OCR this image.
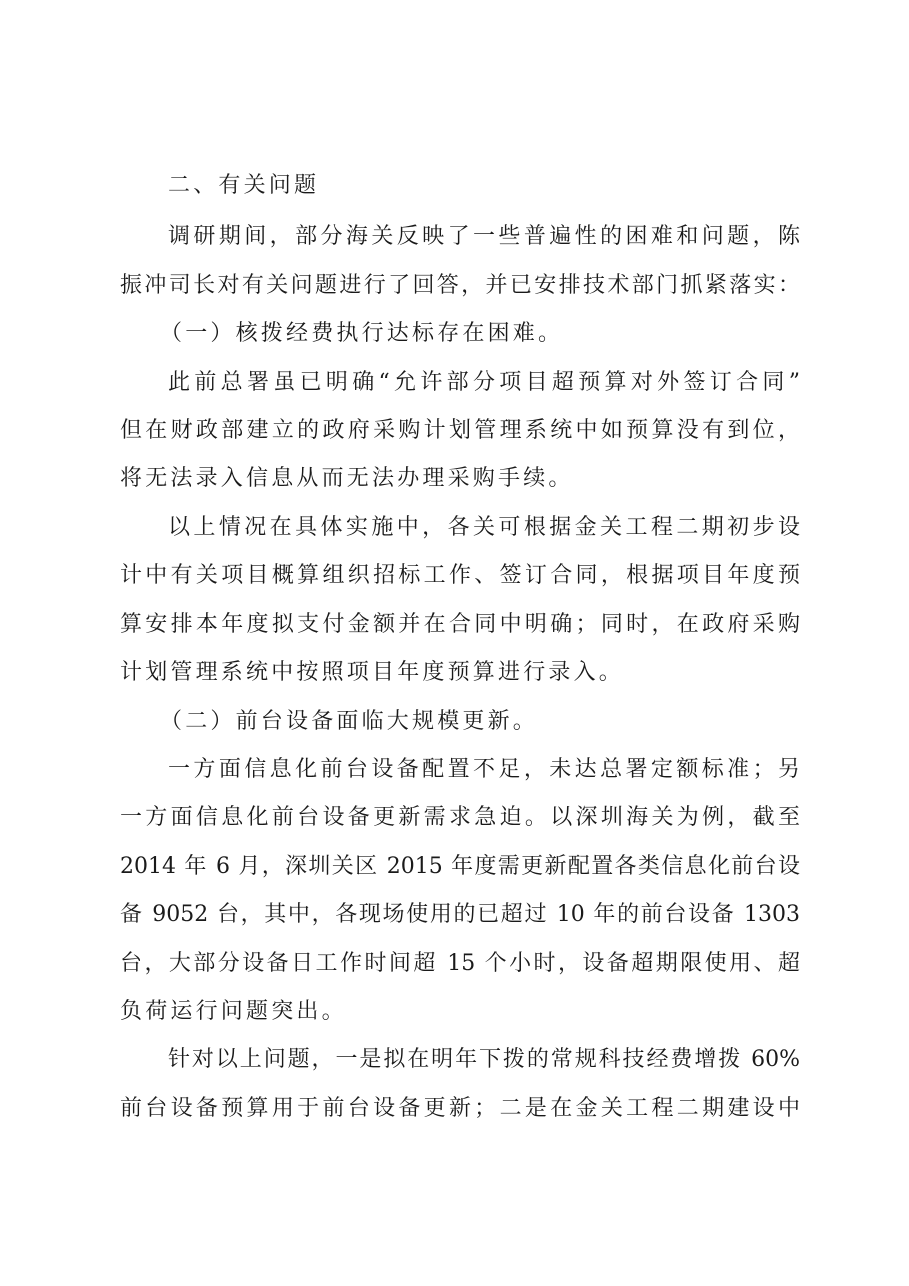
二、有关问题
调研期间，部分海关反映了一些普遍性的困难和问题，陈
振冲司长对有关问题进行了回答，并已安排技术部门抓紧落实：
（一）核拨经费执行达标存在困难。
此前总署虽已明确“允许部分项目超预算对外签订合同”
但在财政部建立的政府采购计划管理系统中如预算没有到位，
将无法录入信息从而无法办理采购手续。
以上情况在具体实施中，各关可根据金关工程二期初步设
计中有关项目概算组织招标工作、签订合同，根据项目年度预
算安排本年度拟支付金额并在合同中明确；同时，在政府采购
计划管理系统中按照项目年度预算进行录入。
（二）前台设备面临大规模更新。
一方面信息化前台设备配置不足，未达总署定额标准；另
一方面信息化前台设备更新需求急迫。以深圳海关为例，截至
2014 年 6 月，深圳关区 2015 年度需更新配置各类信息化前台设
备 9052 台，其中，各现场使用的已超过 10 年的前台设备 1303
台，大部分设备日工作时间超 15 个小时，设备超期限使用、超
负荷运行问题突出。
针对以上问题，一是拟在明年下拨的常规科技经费增拨 60%
前台设备预算用于前台设备更新；二是在金关工程二期建设中
